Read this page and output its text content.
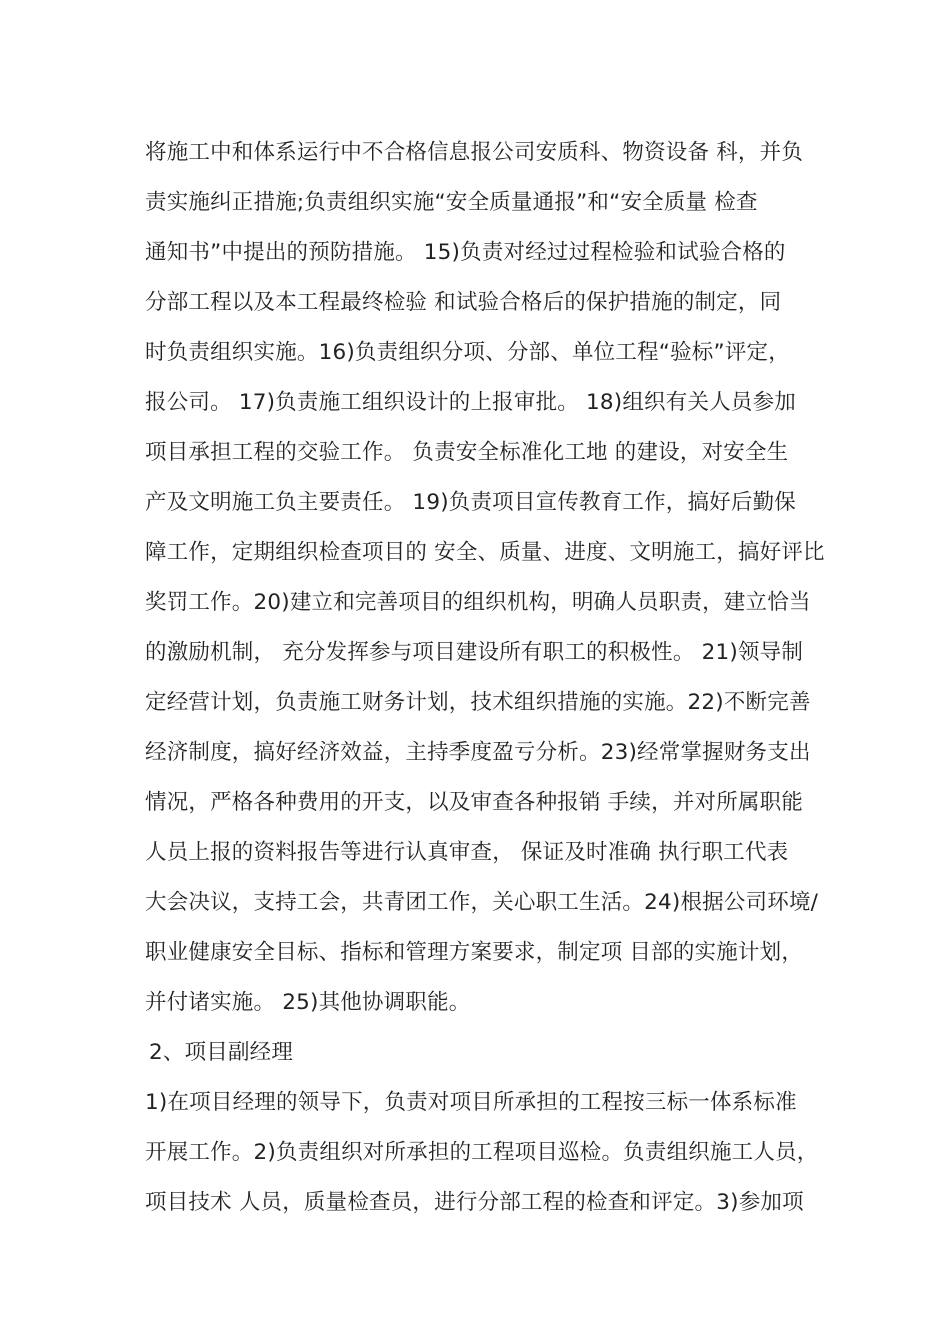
将施工中和体系运行中不合格信息报公司安质科、物资设备 科，并负
责实施纠正措施;负责组织实施“安全质量通报”和“安全质量 检查
通知书”中提出的预防措施。 15)负责对经过过程检验和试验合格的
分部工程以及本工程最终检验 和试验合格后的保护措施的制定，同
时负责组织实施。16)负责组织分项、分部、单位工程“验标”评定，
报公司。 17)负责施工组织设计的上报审批。 18)组织有关人员参加
项目承担工程的交验工作。 负责安全标准化工地 的建设，对安全生
产及文明施工负主要责任。 19)负责项目宣传教育工作，搞好后勤保
障工作，定期组织检查项目的 安全、质量、进度、文明施工，搞好评比
奖罚工作。20)建立和完善项目的组织机构，明确人员职责，建立恰当
的激励机制， 充分发挥参与项目建设所有职工的积极性。 21)领导制
定经营计划，负责施工财务计划，技术组织措施的实施。22)不断完善
经济制度，搞好经济效益，主持季度盈亏分析。23)经常掌握财务支出
情况，严格各种费用的开支，以及审查各种报销 手续，并对所属职能
人员上报的资料报告等进行认真审查， 保证及时准确 执行职工代表
大会决议，支持工会，共青团工作，关心职工生活。24)根据公司环境/
职业健康安全目标、指标和管理方案要求，制定项 目部的实施计划，
并付诸实施。 25)其他协调职能。
2、项目副经理
1)在项目经理的领导下，负责对项目所承担的工程按三标一体系标准
开展工作。2)负责组织对所承担的工程项目巡检。负责组织施工人员，
项目技术 人员，质量检查员，进行分部工程的检查和评定。3)参加项
